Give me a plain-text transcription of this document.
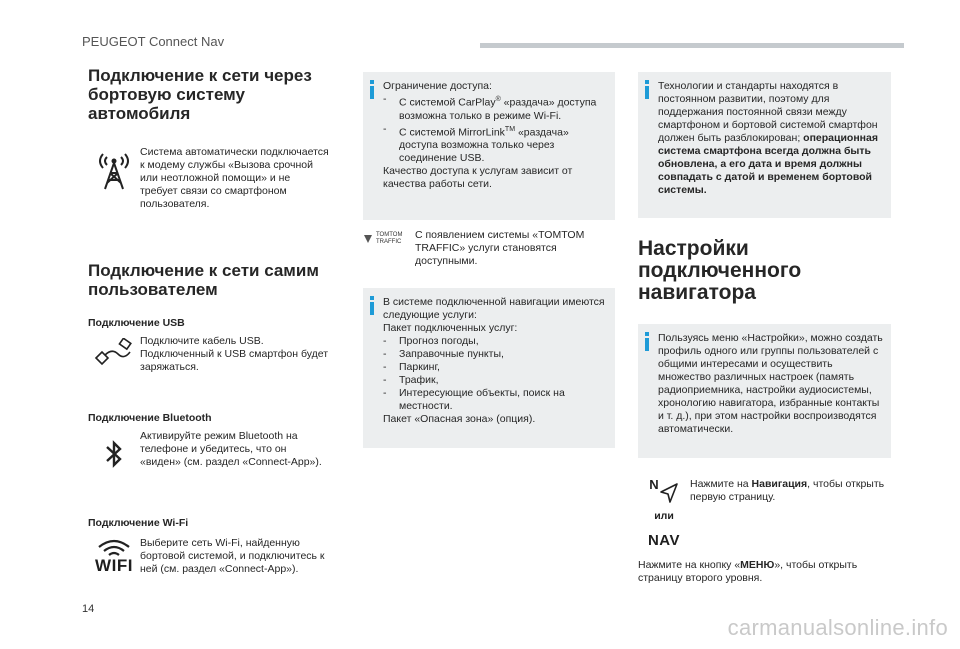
PEUGEOT Connect Nav
Подключение к сети через бортовую систему автомобиля
Система автоматически подключается к модему службы «Вызова срочной или неотложной помощи» и не требует связи со смартфоном пользователя.
Подключение к сети самим пользователем

Подключение USB

Подключите кабель USB. Подключенный к USB смартфон будет заряжаться.

Подключение Bluetooth

Активируйте режим Bluetooth на телефоне и убедитесь, что он «виден» (см. раздел «Connect-App»).

Подключение Wi-Fi

WIFI
Выберите сеть Wi-Fi, найденную бортовой системой, и подключитесь к ней (см. раздел «Connect-App»).

Ограничение доступа:

- С системой CarPlay® «раздача» доступа возможна только в режиме Wi-Fi.
- С системой MirrorLink™ «раздача» доступа возможна только через соединение USB.

Качество доступа к услугам зависит от качества работы сети.

TOMTOM
TRAFFIC
С появлением системы «TOMTOM TRAFFIC» услуги становятся доступными.

В системе подключенной навигации имеются следующие услуги:

Пакет подключенных услуг:

- Прогноз погоды,
- Заправочные пункты,
- Паркинг,
- Трафик,
- Интересующие объекты, поиск на местности.

Пакет «Опасная зона» (опция).

Технологии и стандарты находятся в постоянном развитии, поэтому для поддержания постоянной связи между смартфоном и бортовой системой смартфон должен быть разблокирован; операционная система смартфона всегда должна быть обновлена, а его дата и время должны совпадать с датой и временем бортовой системы.
Настройки подключенного навигатора
Пользуясь меню «Настройки», можно создать профиль одного или группы пользователей с общими интересами и осуществить множество различных настроек (память радиоприемника, настройки аудиосистемы, хронологию навигатора, избранные контакты и т. д.), при этом настройки воспроизводятся автоматически.
N
или
NAV
Нажмите на Навигация, чтобы открыть первую страницу.
Нажмите на кнопку «МЕНЮ», чтобы открыть страницу второго уровня.
14
carmanualsonline.info
